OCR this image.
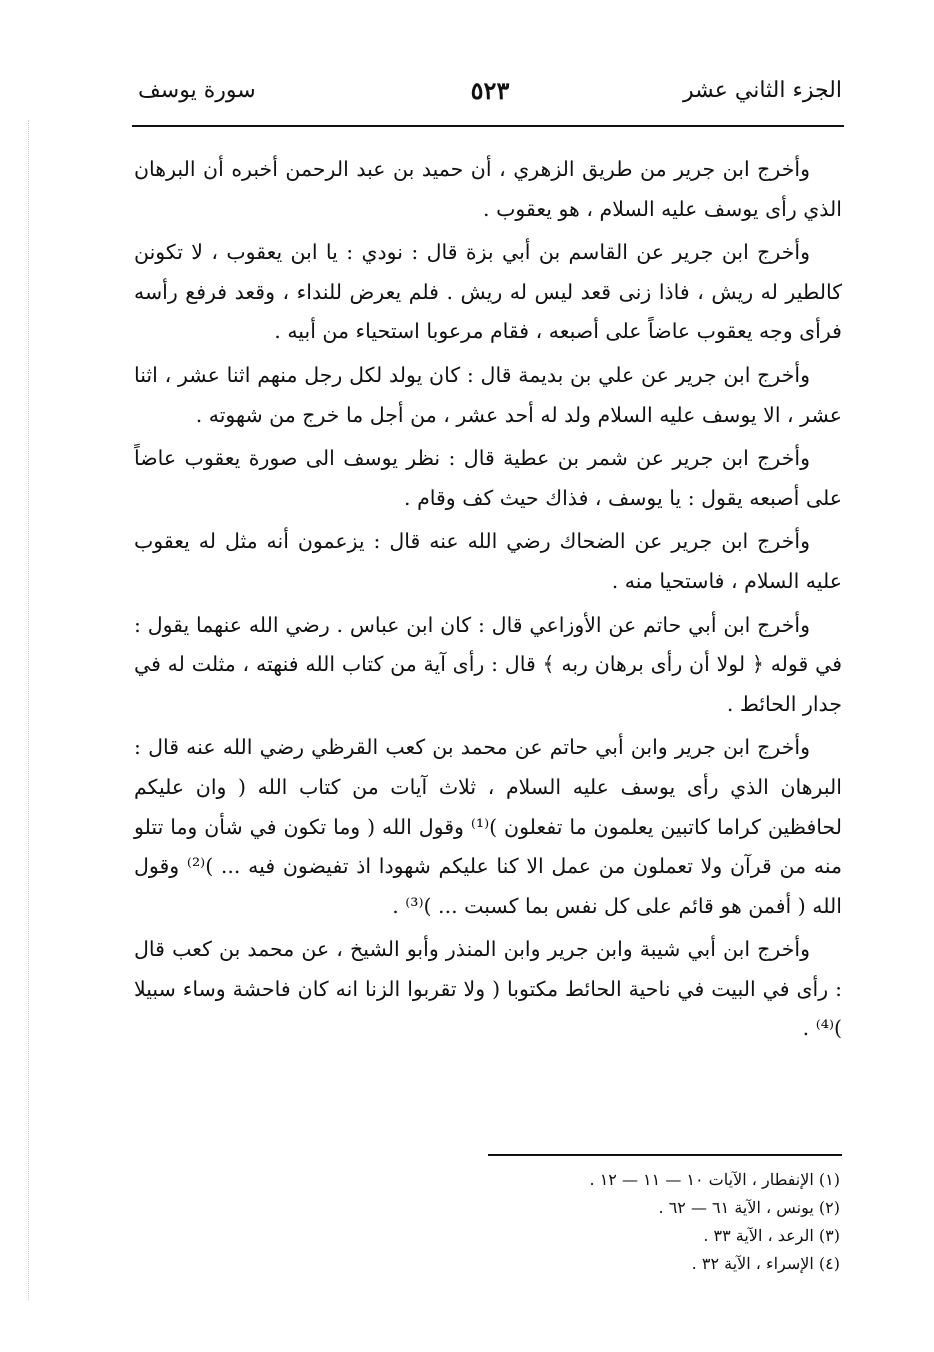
الجزء الثاني عشر
٥٢٣
سورة يوسف

وأخرج ابن جرير من طريق الزهري ، أن حميد بن عبد الرحمن أخبره أن البرهان الذي رأى يوسف عليه السلام ، هو يعقوب .

وأخرج ابن جرير عن القاسم بن أبي بزة قال : نودي : يا ابن يعقوب ، لا تكونن كالطير له ريش ، فاذا زنى قعد ليس له ريش . فلم يعرض للنداء ، وقعد فرفع رأسه فرأى وجه يعقوب عاضاً على أصبعه ، فقام مرعوبا استحياء من أبيه .

وأخرج ابن جرير عن علي بن بديمة قال : كان يولد لكل رجل منهم اثنا عشر ، اثنا عشر ، الا يوسف عليه السلام ولد له أحد عشر ، من أجل ما خرج من شهوته .

وأخرج ابن جرير عن شمر بن عطية قال : نظر يوسف الى صورة يعقوب عاضاً على أصبعه يقول : يا يوسف ، فذاك حيث كف وقام .

وأخرج ابن جرير عن الضحاك رضي الله عنه قال : يزعمون أنه مثل له يعقوب عليه السلام ، فاستحيا منه .

وأخرج ابن أبي حاتم عن الأوزاعي قال : كان ابن عباس . رضي الله عنهما يقول : في قوله ﴿ لولا أن رأى برهان ربه ﴾ قال : رأى آية من كتاب الله فنهته ، مثلت له في جدار الحائط .

وأخرج ابن جرير وابن أبي حاتم عن محمد بن كعب القرظي رضي الله عنه قال : البرهان الذي رأى يوسف عليه السلام ، ثلاث آيات من كتاب الله ( وان عليكم لحافظين كراما كاتبين يعلمون ما تفعلون )⁽¹⁾ وقول الله ( وما تكون في شأن وما تتلو منه من قرآن ولا تعملون من عمل الا كنا عليكم شهودا اذ تفيضون فيه ... )⁽²⁾ وقول الله ( أفمن هو قائم على كل نفس بما كسبت ... )⁽³⁾ .

وأخرج ابن أبي شيبة وابن جرير وابن المنذر وأبو الشيخ ، عن محمد بن كعب قال : رأى في البيت في ناحية الحائط مكتوبا ( ولا تقربوا الزنا انه كان فاحشة وساء سبيلا )⁽⁴⁾ .

(١) الإنفطار ، الآيات ١٠ — ١١ — ١٢ .

(٢) يونس ، الآية ٦١ — ٦٢ .

(٣) الرعد ، الآية ٣٣ .

(٤) الإسراء ، الآية ٣٢ .
